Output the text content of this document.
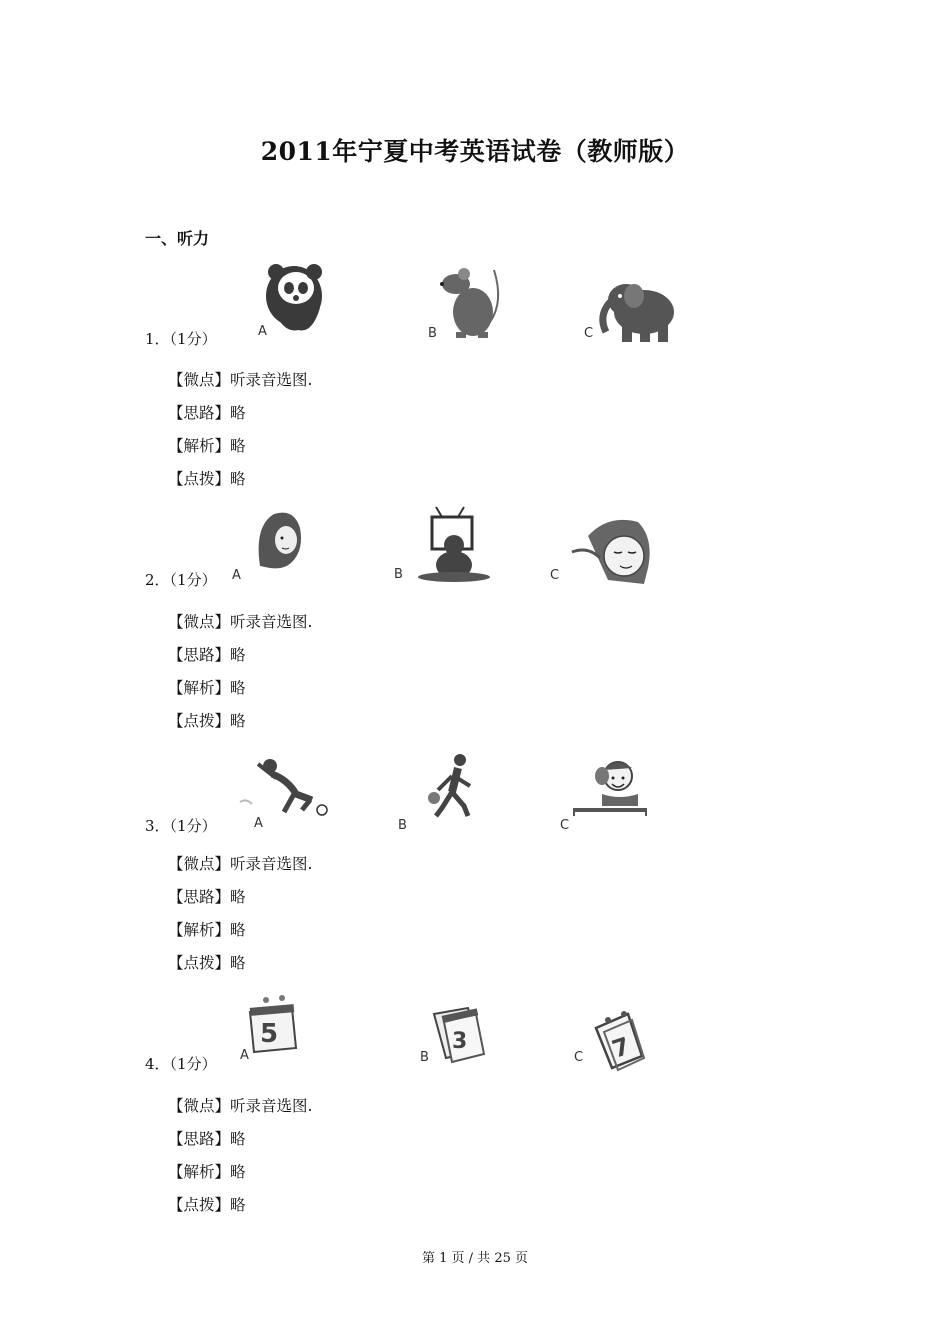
2011年宁夏中考英语试卷（教师版）
一、听力
1．（1分）	A	B	C
【微点】听录音选图.
【思路】略
【解析】略
【点拨】略
2．（1分） A	B	C
【微点】听录音选图.
【思路】略
【解析】略
【点拨】略
3．（1分）	A	B	C
【微点】听录音选图.
【思路】略
【解析】略
【点拨】略
4．（1分）
5
A
3
B	7
C
【微点】听录音选图.
【思路】略
【解析】略
【点拨】略
第 1 页 / 共 25 页
